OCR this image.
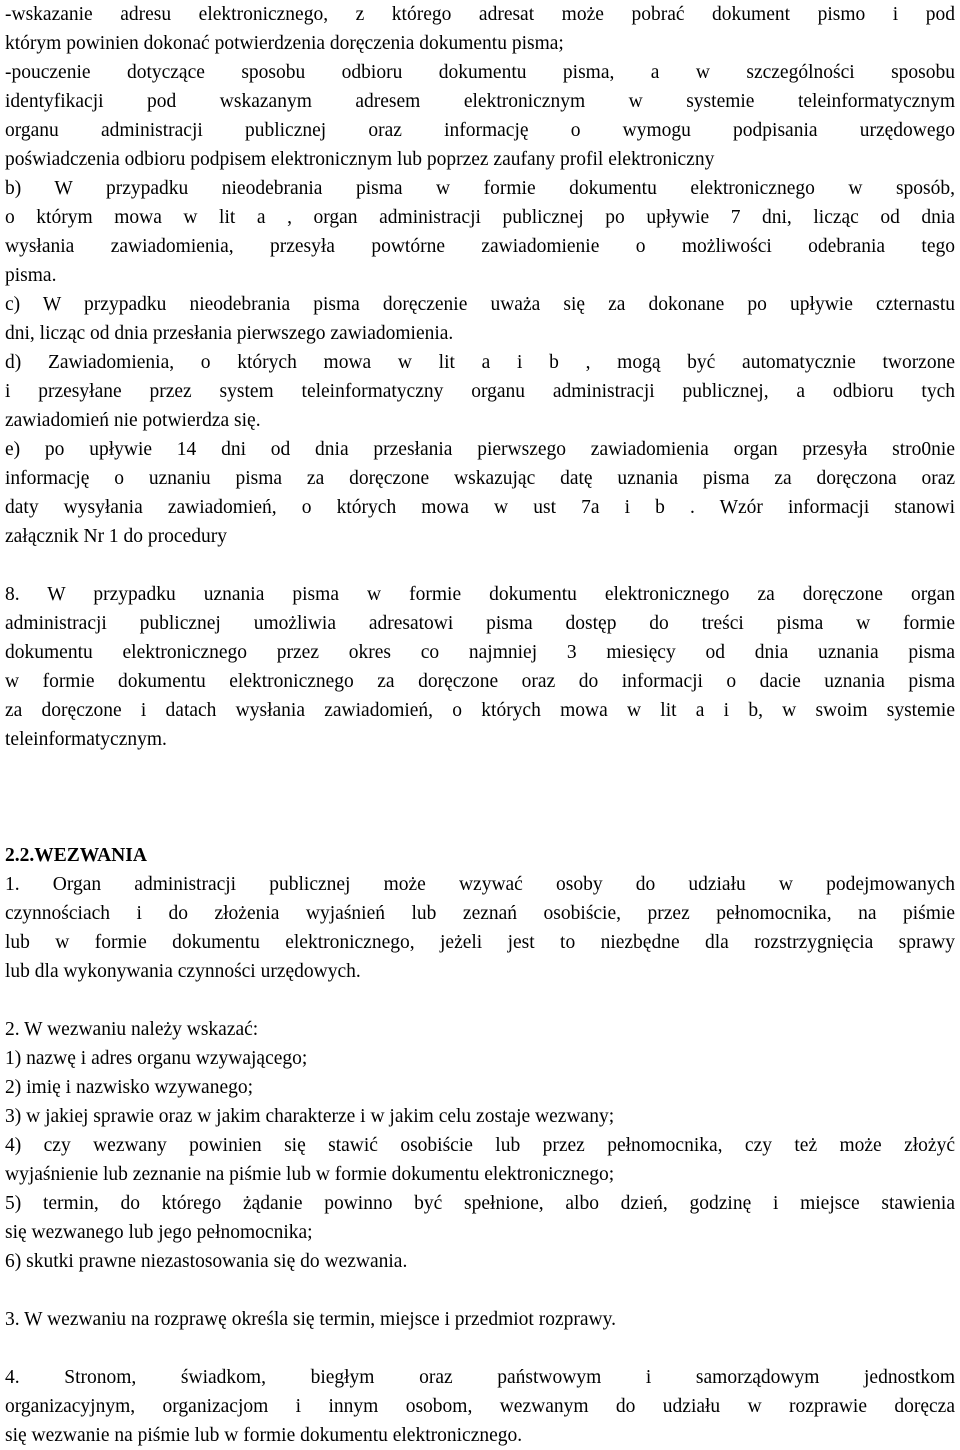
-wskazanie adresu elektronicznego, z którego adresat może pobrać dokument pismo i pod
którym powinien dokonać potwierdzenia doręczenia dokumentu pisma;
-pouczenie dotyczące sposobu odbioru dokumentu pisma, a w szczególności sposobu
identyfikacji pod wskazanym adresem elektronicznym w systemie teleinformatycznym
organu administracji publicznej oraz informację o wymogu podpisania urzędowego
poświadczenia odbioru podpisem elektronicznym lub poprzez zaufany profil elektroniczny
b) W przypadku nieodebrania pisma w formie dokumentu elektronicznego w sposób,
o którym mowa w lit a , organ administracji publicznej po upływie 7 dni, licząc od dnia
wysłania zawiadomienia, przesyła powtórne zawiadomienie o możliwości odebrania tego
pisma.
c) W przypadku nieodebrania pisma doręczenie uważa się za dokonane po upływie czternastu
dni, licząc od dnia przesłania pierwszego zawiadomienia.
d) Zawiadomienia, o których mowa w lit a i b , mogą być automatycznie tworzone
i przesyłane przez system teleinformatyczny organu administracji publicznej, a odbioru tych
zawiadomień nie potwierdza się.
e) po upływie 14 dni od dnia przesłania pierwszego zawiadomienia organ przesyła stro0nie
informację o uznaniu pisma za doręczone wskazując datę uznania pisma za doręczona oraz
daty wysyłania zawiadomień, o których mowa w ust 7a i b . Wzór informacji stanowi
załącznik Nr 1 do procedury
8. W przypadku uznania pisma w formie dokumentu elektronicznego za doręczone organ
administracji publicznej umożliwia adresatowi pisma dostęp do treści pisma w formie
dokumentu elektronicznego przez okres co najmniej 3 miesięcy od dnia uznania pisma
w formie dokumentu elektronicznego za doręczone oraz do informacji o dacie uznania pisma
za doręczone i datach wysłania zawiadomień, o których mowa w lit a i b, w swoim systemie
teleinformatycznym.
2.2.WEZWANIA
1. Organ administracji publicznej może wzywać osoby do udziału w podejmowanych
czynnościach i do złożenia wyjaśnień lub zeznań osobiście, przez pełnomocnika, na piśmie
lub w formie dokumentu elektronicznego, jeżeli jest to niezbędne dla rozstrzygnięcia sprawy
lub dla wykonywania czynności urzędowych.
2. W wezwaniu należy wskazać:
1) nazwę i adres organu wzywającego;
2) imię i nazwisko wzywanego;
3) w jakiej sprawie oraz w jakim charakterze i w jakim celu zostaje wezwany;
4) czy wezwany powinien się stawić osobiście lub przez pełnomocnika, czy też może złożyć
wyjaśnienie lub zeznanie na piśmie lub w formie dokumentu elektronicznego;
5) termin, do którego żądanie powinno być spełnione, albo dzień, godzinę i miejsce stawienia
się wezwanego lub jego pełnomocnika;
6) skutki prawne niezastosowania się do wezwania.
3. W wezwaniu na rozprawę określa się termin, miejsce i przedmiot rozprawy.
4. Stronom, świadkom, biegłym oraz państwowym i samorządowym jednostkom
organizacyjnym, organizacjom i innym osobom, wezwanym do udziału w rozprawie doręcza
się wezwanie na piśmie lub w formie dokumentu elektronicznego.
